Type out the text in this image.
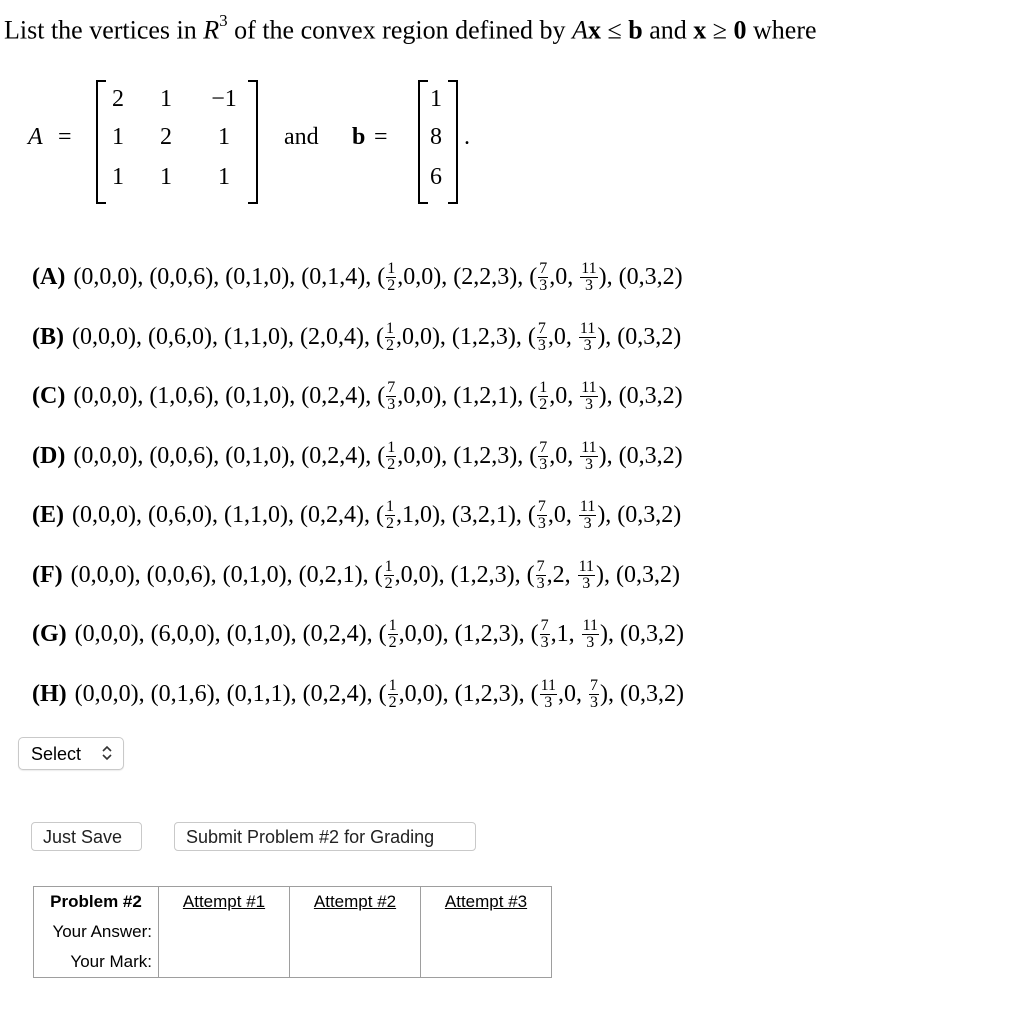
List the vertices in $R^3$ of the convex region defined by Ax ≤ b and x ≥ 0 where
A =
2 1 −1
1 2 1
1 1 1
and b =
1
8
6
.
(A) (0,0,0), (0,0,6), (0,1,0), (0,1,4), ( $\frac{1}{2} ,0,0$), (2,2,3), ( $\frac{7}{3} ,0$, $\frac{11}{3}$ ), (0,3,2)
(B) (0,0,0), (0,6,0), (1,1,0), (2,0,4), ( $\frac{1}{2} ,0,0$), (1,2,3), ( $\frac{7}{3} ,0$, $\frac{11}{3}$ ), (0,3,2)
(C) (0,0,0), (1,0,6), (0,1,0), (0,2,4), ( $\frac{7}{3} ,0,0$), (1,2,1), ( $\frac{1}{2} ,0$, $\frac{11}{3}$ ), (0,3,2)
(D) (0,0,0), (0,0,6), (0,1,0), (0,2,4), ( $\frac{1}{2} ,0,0$), (1,2,3), ( $\frac{7}{3} ,0$, $\frac{11}{3}$ ), (0,3,2)
(E) (0,0,0), (0,6,0), (1,1,0), (0,2,4), ( $\frac{1}{2} ,1,0$), (3,2,1), ( $\frac{7}{3} ,0$, $\frac{11}{3}$ ), (0,3,2)
(F) (0,0,0), (0,0,6), (0,1,0), (0,2,1), ( $\frac{1}{2} ,0,0$), (1,2,3), ( $\frac{7}{3} ,2$, $\frac{11}{3}$ ), (0,3,2)
(G) (0,0,0), (6,0,0), (0,1,0), (0,2,4), ( $\frac{1}{2} ,0,0$), (1,2,3), ( $\frac{7}{3} ,1$, $\frac{11}{3}$ ), (0,3,2)
(H) (0,0,0), (0,1,6), (0,1,1), (0,2,4), ( $\frac{1}{2} ,0,0$), (1,2,3), ( $\frac{11}{3} ,0$, $\frac{7}{3}$ ), (0,3,2)
Select
Just Save	Submit Problem #2 for Grading
Problem #2	Attempt #1	Attempt #2	Attempt #3
Your Answer:			
Your Mark:			
